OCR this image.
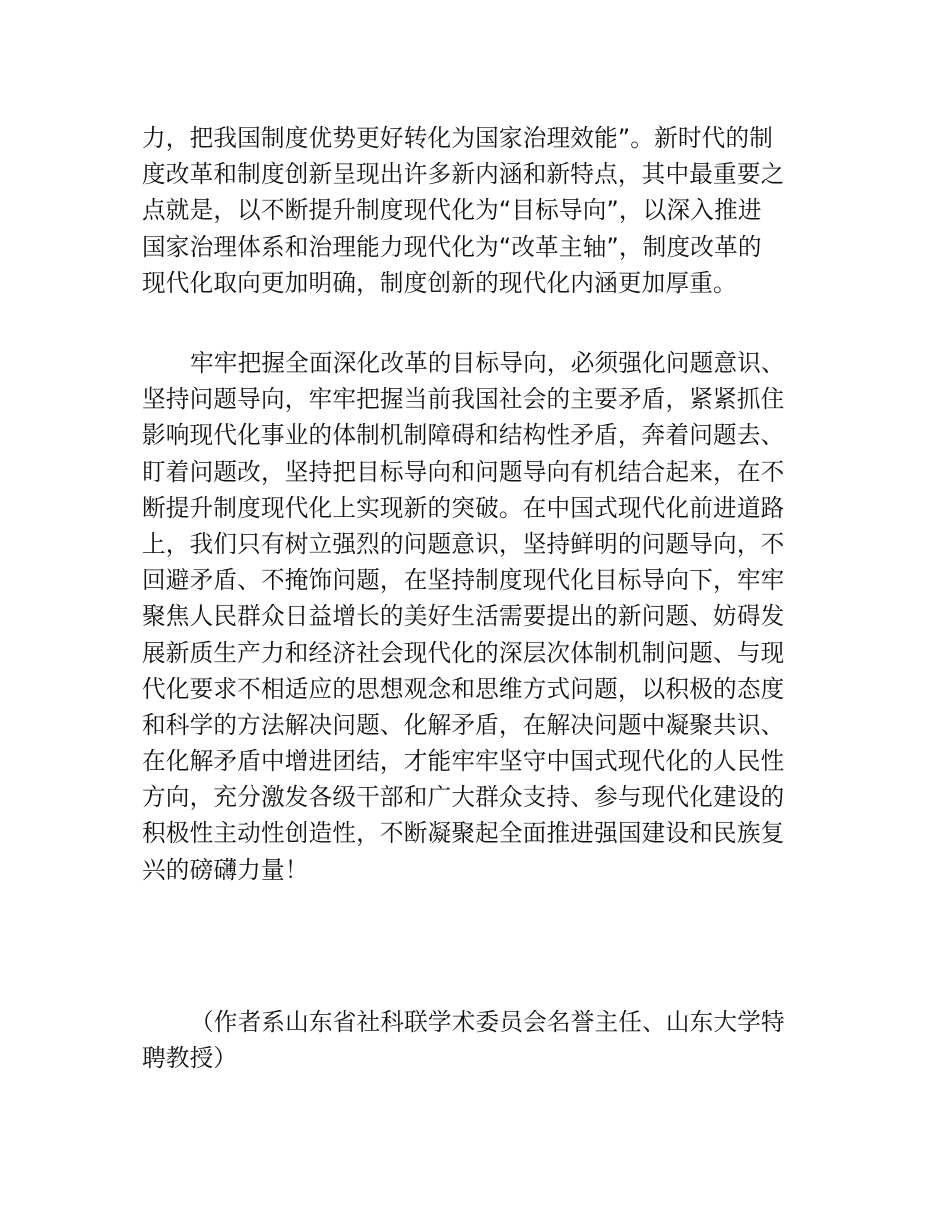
力，把我国制度优势更好转化为国家治理效能”。新时代的制
度改革和制度创新呈现出许多新内涵和新特点，其中最重要之
点就是，以不断提升制度现代化为“目标导向”，以深入推进
国家治理体系和治理能力现代化为“改革主轴”，制度改革的
现代化取向更加明确，制度创新的现代化内涵更加厚重。
牢牢把握全面深化改革的目标导向，必须强化问题意识、
坚持问题导向，牢牢把握当前我国社会的主要矛盾，紧紧抓住
影响现代化事业的体制机制障碍和结构性矛盾，奔着问题去、
盯着问题改，坚持把目标导向和问题导向有机结合起来，在不
断提升制度现代化上实现新的突破。在中国式现代化前进道路
上，我们只有树立强烈的问题意识，坚持鲜明的问题导向，不
回避矛盾、不掩饰问题，在坚持制度现代化目标导向下，牢牢
聚焦人民群众日益增长的美好生活需要提出的新问题、妨碍发
展新质生产力和经济社会现代化的深层次体制机制问题、与现
代化要求不相适应的思想观念和思维方式问题，以积极的态度
和科学的方法解决问题、化解矛盾，在解决问题中凝聚共识、
在化解矛盾中增进团结，才能牢牢坚守中国式现代化的人民性
方向，充分激发各级干部和广大群众支持、参与现代化建设的
积极性主动性创造性，不断凝聚起全面推进强国建设和民族复
兴的磅礴力量！
（作者系山东省社科联学术委员会名誉主任、山东大学特
聘教授）
